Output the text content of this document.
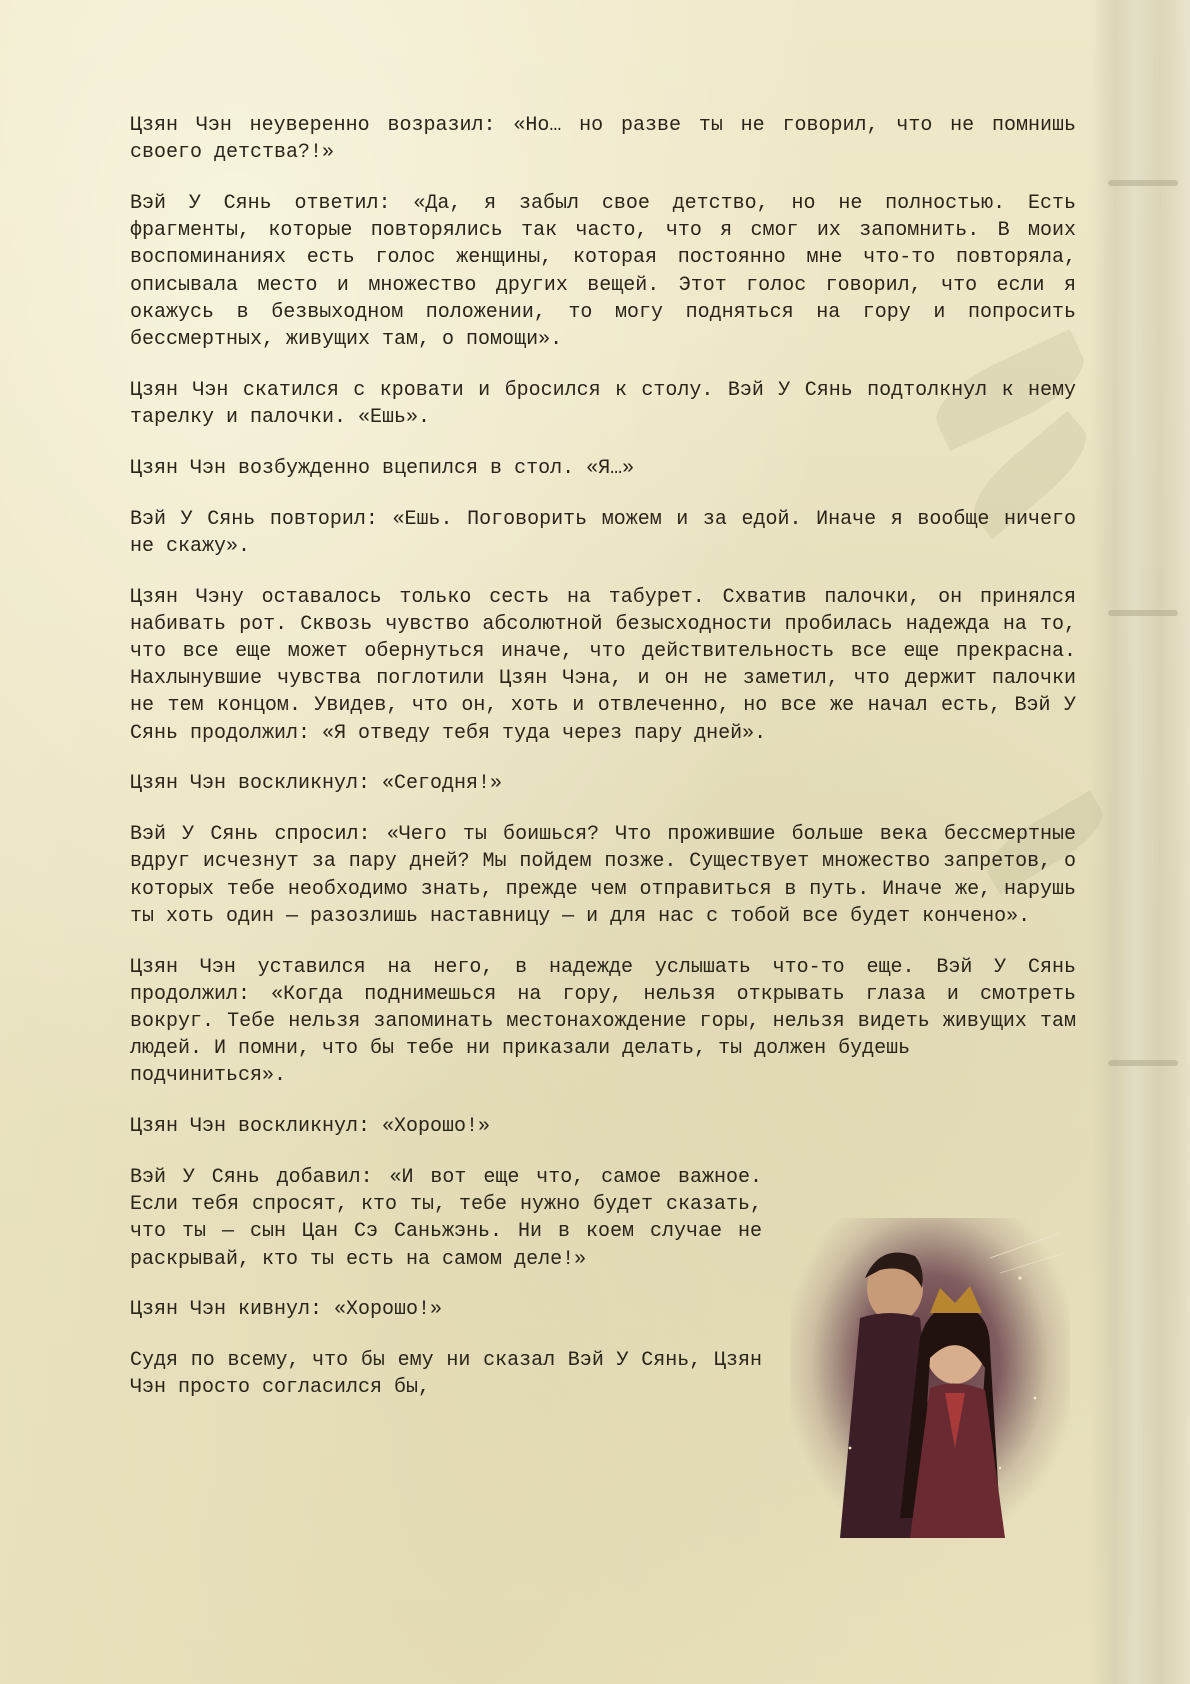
Цзян Чэн неуверенно возразил: «Но… но разве ты не говорил, что не помнишь своего детства?!»

Вэй У Сянь ответил: «Да, я забыл свое детство, но не полностью. Есть фрагменты, которые повторялись так часто, что я смог их запомнить. В моих воспоминаниях есть голос женщины, которая постоянно мне что-то повторяла, описывала место и множество других вещей. Этот голос говорил, что если я окажусь в безвыходном положении, то могу подняться на гору и попросить бессмертных, живущих там, о помощи».

Цзян Чэн скатился с кровати и бросился к столу. Вэй У Сянь подтолкнул к нему тарелку и палочки. «Ешь».

Цзян Чэн возбужденно вцепился в стол. «Я…»

Вэй У Сянь повторил: «Ешь. Поговорить можем и за едой. Иначе я вообще ничего не скажу».

Цзян Чэну оставалось только сесть на табурет. Схватив палочки, он принялся набивать рот. Сквозь чувство абсолютной безысходности пробилась надежда на то, что все еще может обернуться иначе, что действительность все еще прекрасна. Нахлынувшие чувства поглотили Цзян Чэна, и он не заметил, что держит палочки не тем концом. Увидев, что он, хоть и отвлеченно, но все же начал есть, Вэй У Сянь продолжил: «Я отведу тебя туда через пару дней».

Цзян Чэн воскликнул: «Сегодня!»

Вэй У Сянь спросил: «Чего ты боишься? Что прожившие больше века бессмертные вдруг исчезнут за пару дней? Мы пойдем позже. Существует множество запретов, о которых тебе необходимо знать, прежде чем отправиться в путь. Иначе же, нарушь ты хоть один — разозлишь наставницу — и для нас с тобой все будет кончено».

Цзян Чэн уставился на него, в надежде услышать что-то еще. Вэй У Сянь продолжил: «Когда поднимешься на гору, нельзя открывать глаза и смотреть вокруг. Тебе нельзя запоминать местонахождение горы, нельзя видеть живущих там людей. И помни, что бы тебе ни приказали делать, ты должен будешь

подчиниться».

Цзян Чэн воскликнул: «Хорошо!»

Вэй У Сянь добавил: «И вот еще что, самое важное. Если тебя спросят, кто ты, тебе нужно будет сказать, что ты — сын Цан Сэ Саньжэнь. Ни в коем случае не раскрывай, кто ты есть на самом деле!»

Цзян Чэн кивнул: «Хорошо!»

Судя по всему, что бы ему ни сказал Вэй У Сянь, Цзян Чэн просто согласился бы,
